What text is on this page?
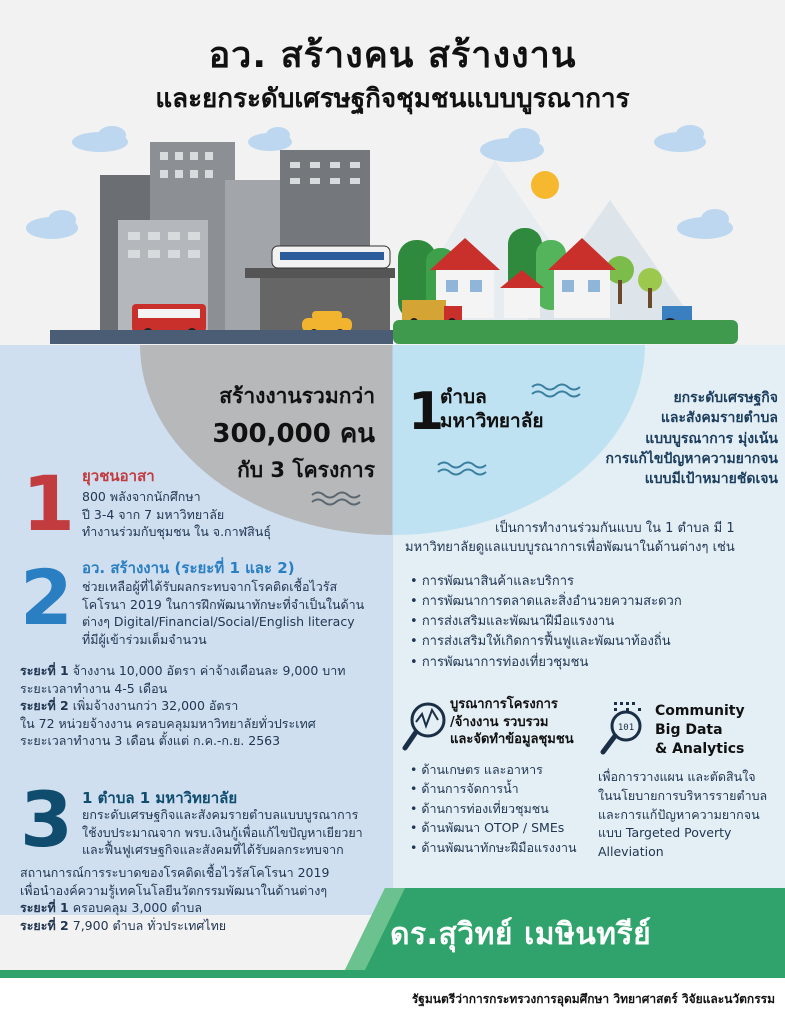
อว. สร้างคน สร้างงาน
และยกระดับเศรษฐกิจชุมชนแบบบูรณาการ
สร้างงานรวมกว่า
300,000 คน
กับ 3 โครงการ
1
ตำบล
มหาวิทยาลัย
ยกระดับเศรษฐกิจ
และสังคมรายตำบล
แบบบูรณาการ มุ่งเน้น
การแก้ไขปัญหาความยากจน
แบบมีเป้าหมายชัดเจน
1 ยุวชนอาสา
800 พลังจากนักศึกษา
ปี 3-4 จาก 7 มหาวิทยาลัย
ทำงานร่วมกับชุมชน ใน จ.กาฬสินธุ์
2 อว. สร้างงาน (ระยะที่ 1 และ 2)
ช่วยเหลือผู้ที่ได้รับผลกระทบจากโรคติดเชื้อไวรัส
โคโรนา 2019 ในการฝึกพัฒนาทักษะที่จำเป็นในด้าน
ต่างๆ Digital/Financial/Social/English literacy
ที่มีผู้เข้าร่วมเต็มจำนวน
ระยะที่ 1 จ้างงาน 10,000 อัตรา ค่าจ้างเดือนละ 9,000 บาท
ระยะเวลาทำงาน 4-5 เดือน
ระยะที่ 2 เพิ่มจ้างงานกว่า 32,000 อัตรา
ใน 72 หน่วยจ้างงาน ครอบคลุมมหาวิทยาลัยทั่วประเทศ
ระยะเวลาทำงาน 3 เดือน ตั้งแต่ ก.ค.-ก.ย. 2563
3 1 ตำบล 1 มหาวิทยาลัย
ยกระดับเศรษฐกิจและสังคมรายตำบลแบบบูรณาการ
ใช้งบประมาณจาก พรบ.เงินกู้เพื่อแก้ไขปัญหาเยียวยา
และฟื้นฟูเศรษฐกิจและสังคมที่ได้รับผลกระทบจาก
สถานการณ์การระบาดของโรคติดเชื้อไวรัสโคโรนา 2019
เพื่อนำองค์ความรู้เทคโนโลยีนวัตกรรมพัฒนาในด้านต่างๆ
ระยะที่ 1 ครอบคลุม 3,000 ตำบล
ระยะที่ 2 7,900 ตำบล ทั่วประเทศไทย
เป็นการทำงานร่วมกันแบบ ใน 1 ตำบล มี 1 มหาวิทยาลัยดูแลแบบบูรณาการเพื่อพัฒนาในด้านต่างๆ เช่น
• การพัฒนาสินค้าและบริการ
• การพัฒนาการตลาดและสิ่งอำนวยความสะดวก
• การส่งเสริมและพัฒนาฝีมือแรงงาน
• การส่งเสริมให้เกิดการฟื้นฟูและพัฒนาท้องถิ่น
• การพัฒนาการท่องเที่ยวชุมชน
บูรณาการโครงการ
/จ้างงาน รวบรวม
และจัดทำข้อมูลชุมชน
• ด้านเกษตร และอาหาร
• ด้านการจัดการน้ำ
• ด้านการท่องเที่ยวชุมชน
• ด้านพัฒนา OTOP / SMEs
• ด้านพัฒนาทักษะฝีมือแรงงาน
101
Community
Big Data
& Analytics
เพื่อการวางแผน และตัดสินใจ
ในนโยบายการบริหารรายตำบล
และการแก้ปัญหาความยากจน
แบบ Targeted Poverty
Alleviation
ดร.สุวิทย์ เมษินทรีย์
รัฐมนตรีว่าการกระทรวงการอุดมศึกษา วิทยาศาสตร์ วิจัยและนวัตกรรม
